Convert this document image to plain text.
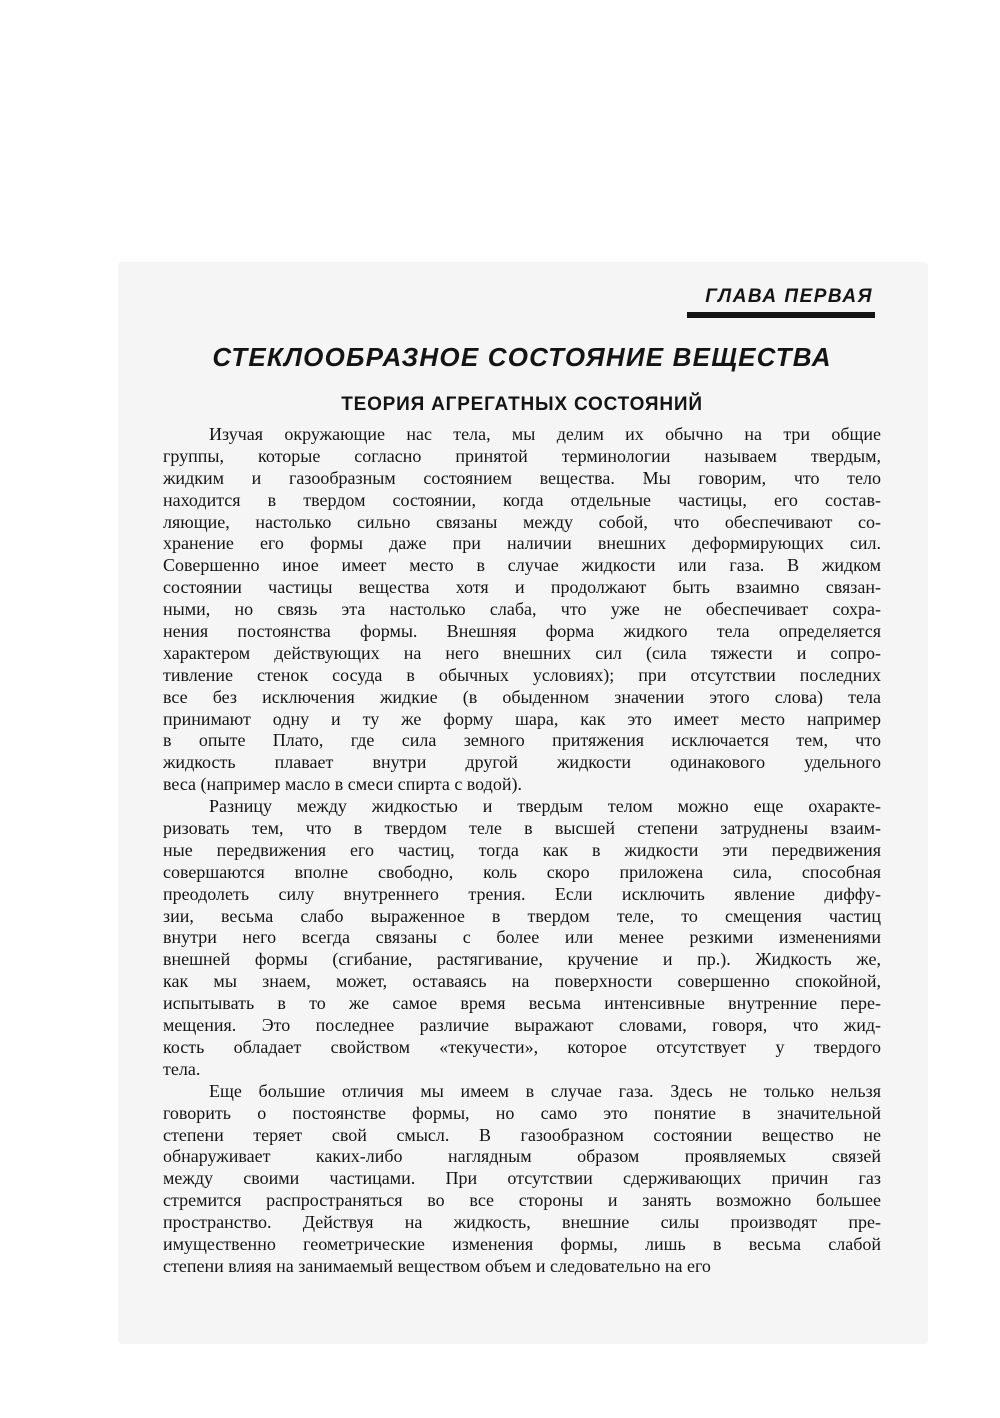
ГЛАВА ПЕРВАЯ
СТЕКЛООБРАЗНОЕ СОСТОЯНИЕ ВЕЩЕСТВА
ТЕОРИЯ АГРЕГАТНЫХ СОСТОЯНИЙ
Изучая окружающие нас тела, мы делим их обычно на три общие
группы, которые согласно принятой терминологии называем твердым,
жидким и газообразным состоянием вещества. Мы говорим, что тело
находится в твердом состоянии, когда отдельные частицы, его состав-
ляющие, настолько сильно связаны между собой, что обеспечивают со-
хранение его формы даже при наличии внешних деформирующих сил.
Совершенно иное имеет место в случае жидкости или газа. В жидком
состоянии частицы вещества хотя и продолжают быть взаимно связан-
ными, но связь эта настолько слаба, что уже не обеспечивает сохра-
нения постоянства формы. Внешняя форма жидкого тела определяется
характером действующих на него внешних сил (сила тяжести и сопро-
тивление стенок сосуда в обычных условиях); при отсутствии последних
все без исключения жидкие (в обыденном значении этого слова) тела
принимают одну и ту же форму шара, как это имеет место например
в опыте Плато, где сила земного притяжения исключается тем, что
жидкость плавает внутри другой жидкости одинакового удельного
веса (например масло в смеси спирта с водой).
Разницу между жидкостью и твердым телом можно еще охаракте-
ризовать тем, что в твердом теле в высшей степени затруднены взаим-
ные передвижения его частиц, тогда как в жидкости эти передвижения
совершаются вполне свободно, коль скоро приложена сила, способная
преодолеть силу внутреннего трения. Если исключить явление диффу-
зии, весьма слабо выраженное в твердом теле, то смещения частиц
внутри него всегда связаны с более или менее резкими изменениями
внешней формы (сгибание, растягивание, кручение и пр.). Жидкость же,
как мы знаем, может, оставаясь на поверхности совершенно спокойной,
испытывать в то же самое время весьма интенсивные внутренние пере-
мещения. Это последнее различие выражают словами, говоря, что жид-
кость обладает свойством «текучести», которое отсутствует у твердого
тела.
Еще большие отличия мы имеем в случае газа. Здесь не только нельзя
говорить о постоянстве формы, но само это понятие в значительной
степени теряет свой смысл. В газообразном состоянии вещество не
обнаруживает каких-либо наглядным образом проявляемых связей
между своими частицами. При отсутствии сдерживающих причин газ
стремится распространяться во все стороны и занять возможно большее
пространство. Действуя на жидкость, внешние силы производят пре-
имущественно геометрические изменения формы, лишь в весьма слабой
степени влияя на занимаемый веществом объем и следовательно на его
